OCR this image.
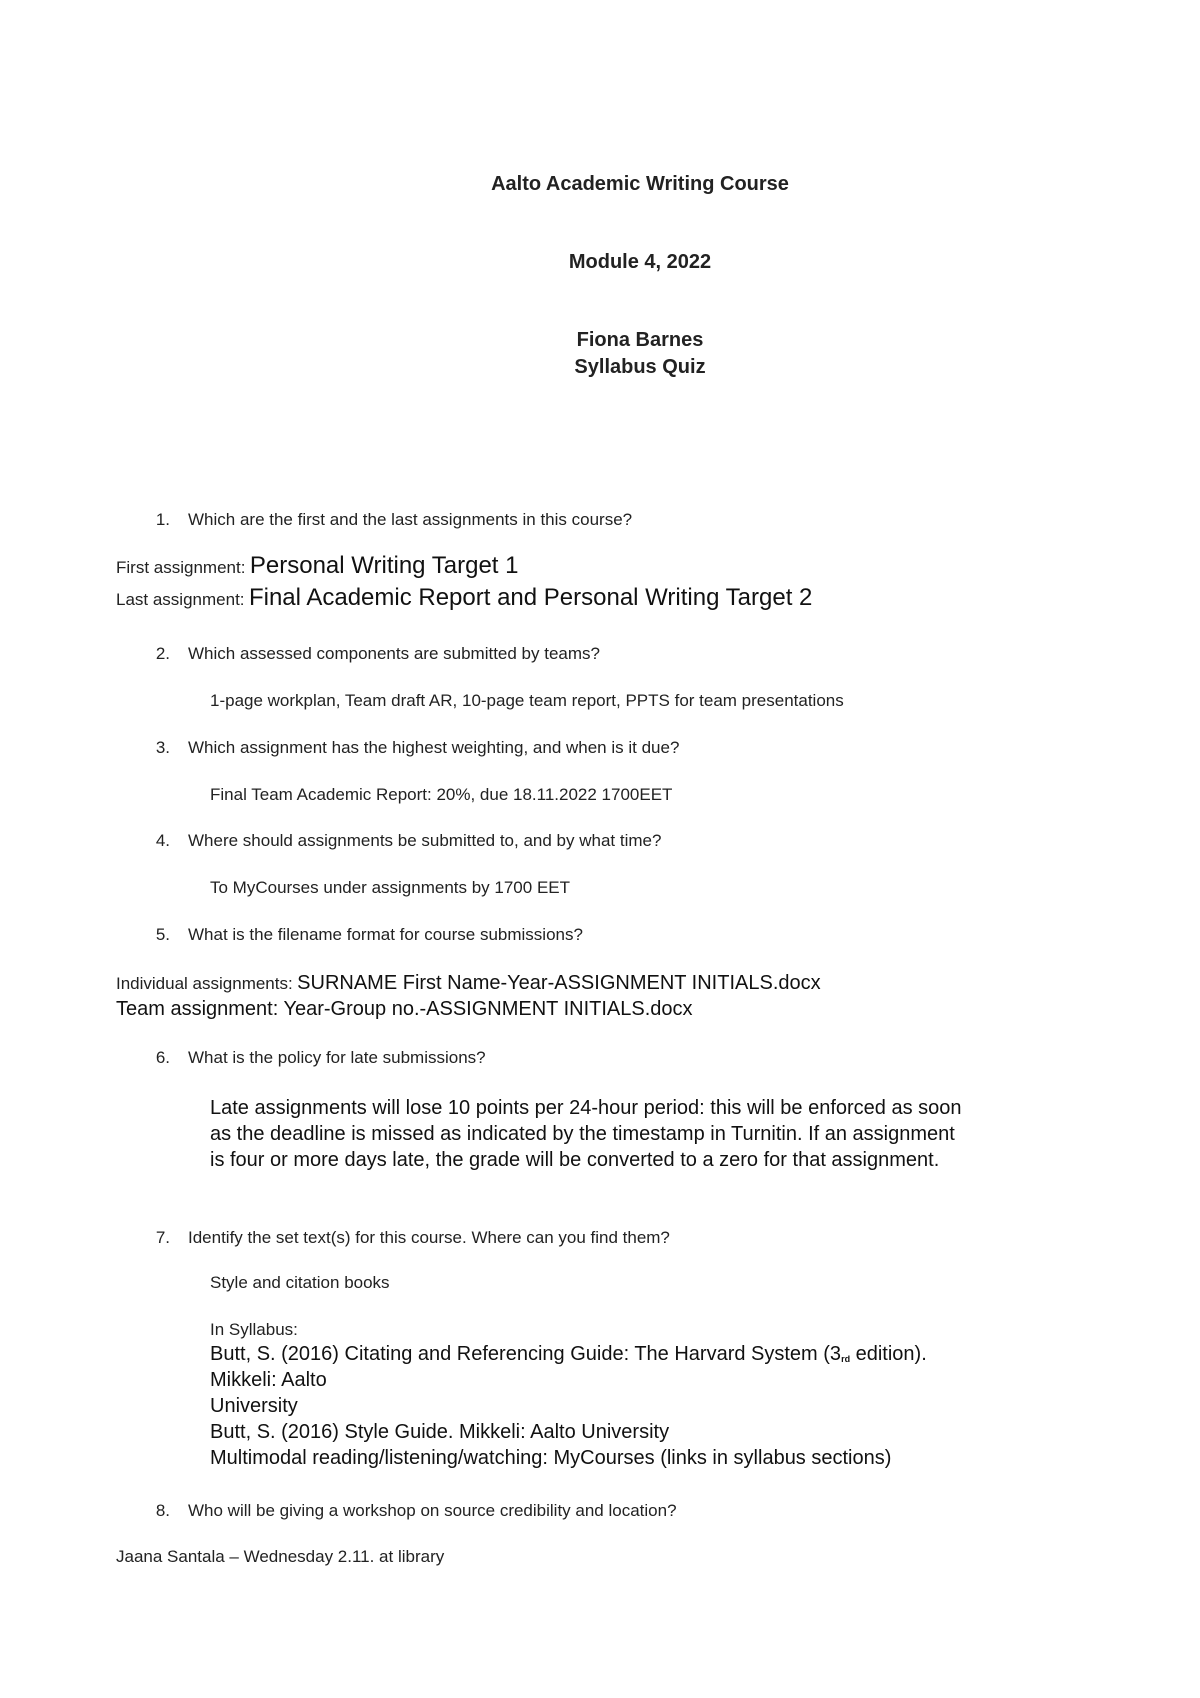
Aalto Academic Writing Course
Module 4, 2022
Fiona Barnes
Syllabus Quiz
1. Which are the first and the last assignments in this course?
First assignment: Personal Writing Target 1
Last assignment: Final Academic Report and Personal Writing Target 2
2. Which assessed components are submitted by teams?
1-page workplan, Team draft AR, 10-page team report, PPTS for team presentations
3. Which assignment has the highest weighting, and when is it due?
Final Team Academic Report: 20%, due 18.11.2022 1700EET
4. Where should assignments be submitted to, and by what time?
To MyCourses under assignments by 1700 EET
5. What is the filename format for course submissions?
Individual assignments: SURNAME First Name-Year-ASSIGNMENT INITIALS.docx
Team assignment: Year-Group no.-ASSIGNMENT INITIALS.docx
6. What is the policy for late submissions?
Late assignments will lose 10 points per 24-hour period: this will be enforced as soon
as the deadline is missed as indicated by the timestamp in Turnitin. If an assignment
is four or more days late, the grade will be converted to a zero for that assignment.
7. Identify the set text(s) for this course. Where can you find them?
Style and citation books
In Syllabus:
Butt, S. (2016) Citating and Referencing Guide: The Harvard System (3rd edition).
Mikkeli: Aalto
University
Butt, S. (2016) Style Guide. Mikkeli: Aalto University
Multimodal reading/listening/watching: MyCourses (links in syllabus sections)
8. Who will be giving a workshop on source credibility and location?
Jaana Santala – Wednesday 2.11. at library
